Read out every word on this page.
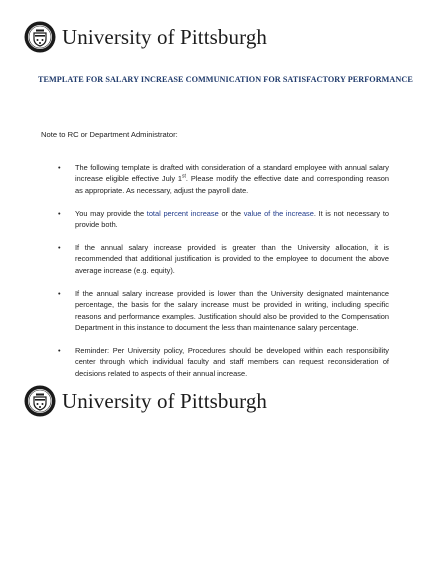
University of Pittsburgh
TEMPLATE FOR SALARY INCREASE COMMUNICATION FOR SATISFACTORY PERFORMANCE
Note to RC or Department Administrator:
• The following template is drafted with consideration of a standard employee with annual salary increase eligible effective July 1st. Please modify the effective date and corresponding reason as appropriate. As necessary, adjust the payroll date.
• You may provide the total percent increase or the value of the increase. It is not necessary to provide both.
• If the annual salary increase provided is greater than the University allocation, it is recommended that additional justification is provided to the employee to document the above average increase (e.g. equity).
• If the annual salary increase provided is lower than the University designated maintenance percentage, the basis for the salary increase must be provided in writing, including specific reasons and performance examples. Justification should also be provided to the Compensation Department in this instance to document the less than maintenance salary percentage.
• Reminder: Per University policy, Procedures should be developed within each responsibility center through which individual faculty and staff members can request reconsideration of decisions related to aspects of their annual increase.
University of Pittsburgh
